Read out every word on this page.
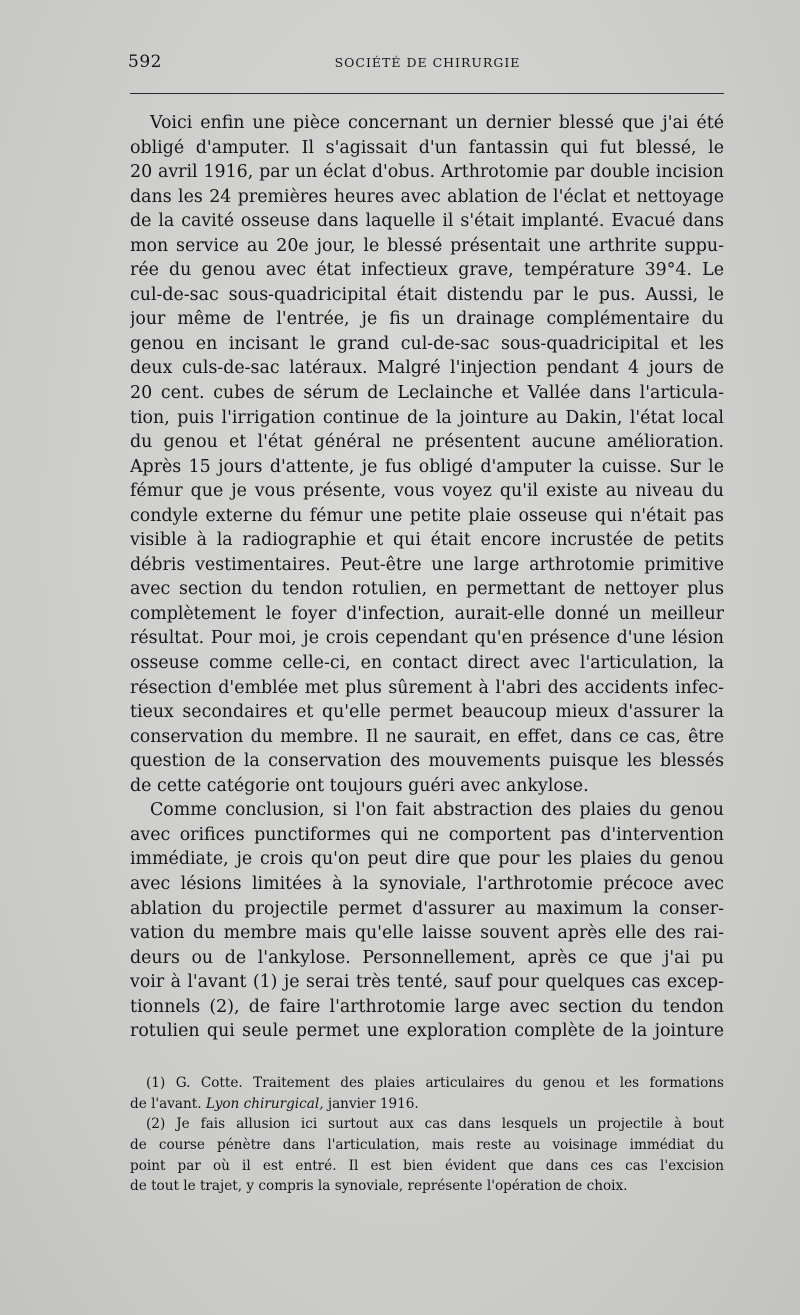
592	SOCIÉTÉ DE CHIRURGIE
Voici enfin une pièce concernant un dernier blessé que j'ai été
obligé d'amputer. Il s'agissait d'un fantassin qui fut blessé, le
20 avril 1916, par un éclat d'obus. Arthrotomie par double incision
dans les 24 premières heures avec ablation de l'éclat et nettoyage
de la cavité osseuse dans laquelle il s'était implanté. Evacué dans
mon service au 20e jour, le blessé présentait une arthrite suppu-
rée du genou avec état infectieux grave, température 39°4. Le
cul-de-sac sous-quadricipital était distendu par le pus. Aussi, le
jour même de l'entrée, je fis un drainage complémentaire du
genou en incisant le grand cul-de-sac sous-quadricipital et les
deux culs-de-sac latéraux. Malgré l'injection pendant 4 jours de
20 cent. cubes de sérum de Leclainche et Vallée dans l'articula-
tion, puis l'irrigation continue de la jointure au Dakin, l'état local
du genou et l'état général ne présentent aucune amélioration.
Après 15 jours d'attente, je fus obligé d'amputer la cuisse. Sur le
fémur que je vous présente, vous voyez qu'il existe au niveau du
condyle externe du fémur une petite plaie osseuse qui n'était pas
visible à la radiographie et qui était encore incrustée de petits
débris vestimentaires. Peut-être une large arthrotomie primitive
avec section du tendon rotulien, en permettant de nettoyer plus
complètement le foyer d'infection, aurait-elle donné un meilleur
résultat. Pour moi, je crois cependant qu'en présence d'une lésion
osseuse comme celle-ci, en contact direct avec l'articulation, la
résection d'emblée met plus sûrement à l'abri des accidents infec-
tieux secondaires et qu'elle permet beaucoup mieux d'assurer la
conservation du membre. Il ne saurait, en effet, dans ce cas, être
question de la conservation des mouvements puisque les blessés
de cette catégorie ont toujours guéri avec ankylose.
Comme conclusion, si l'on fait abstraction des plaies du genou
avec orifices punctiformes qui ne comportent pas d'intervention
immédiate, je crois qu'on peut dire que pour les plaies du genou
avec lésions limitées à la synoviale, l'arthrotomie précoce avec
ablation du projectile permet d'assurer au maximum la conser-
vation du membre mais qu'elle laisse souvent après elle des rai-
deurs ou de l'ankylose. Personnellement, après ce que j'ai pu
voir à l'avant (1) je serai très tenté, sauf pour quelques cas excep-
tionnels (2), de faire l'arthrotomie large avec section du tendon
rotulien qui seule permet une exploration complète de la jointure
(1) G. Cotte. Traitement des plaies articulaires du genou et les formations
de l'avant. Lyon chirurgical, janvier 1916.
(2) Je fais allusion ici surtout aux cas dans lesquels un projectile à bout
de course pénètre dans l'articulation, mais reste au voisinage immédiat du
point par où il est entré. Il est bien évident que dans ces cas l'excision
de tout le trajet, y compris la synoviale, représente l'opération de choix.
